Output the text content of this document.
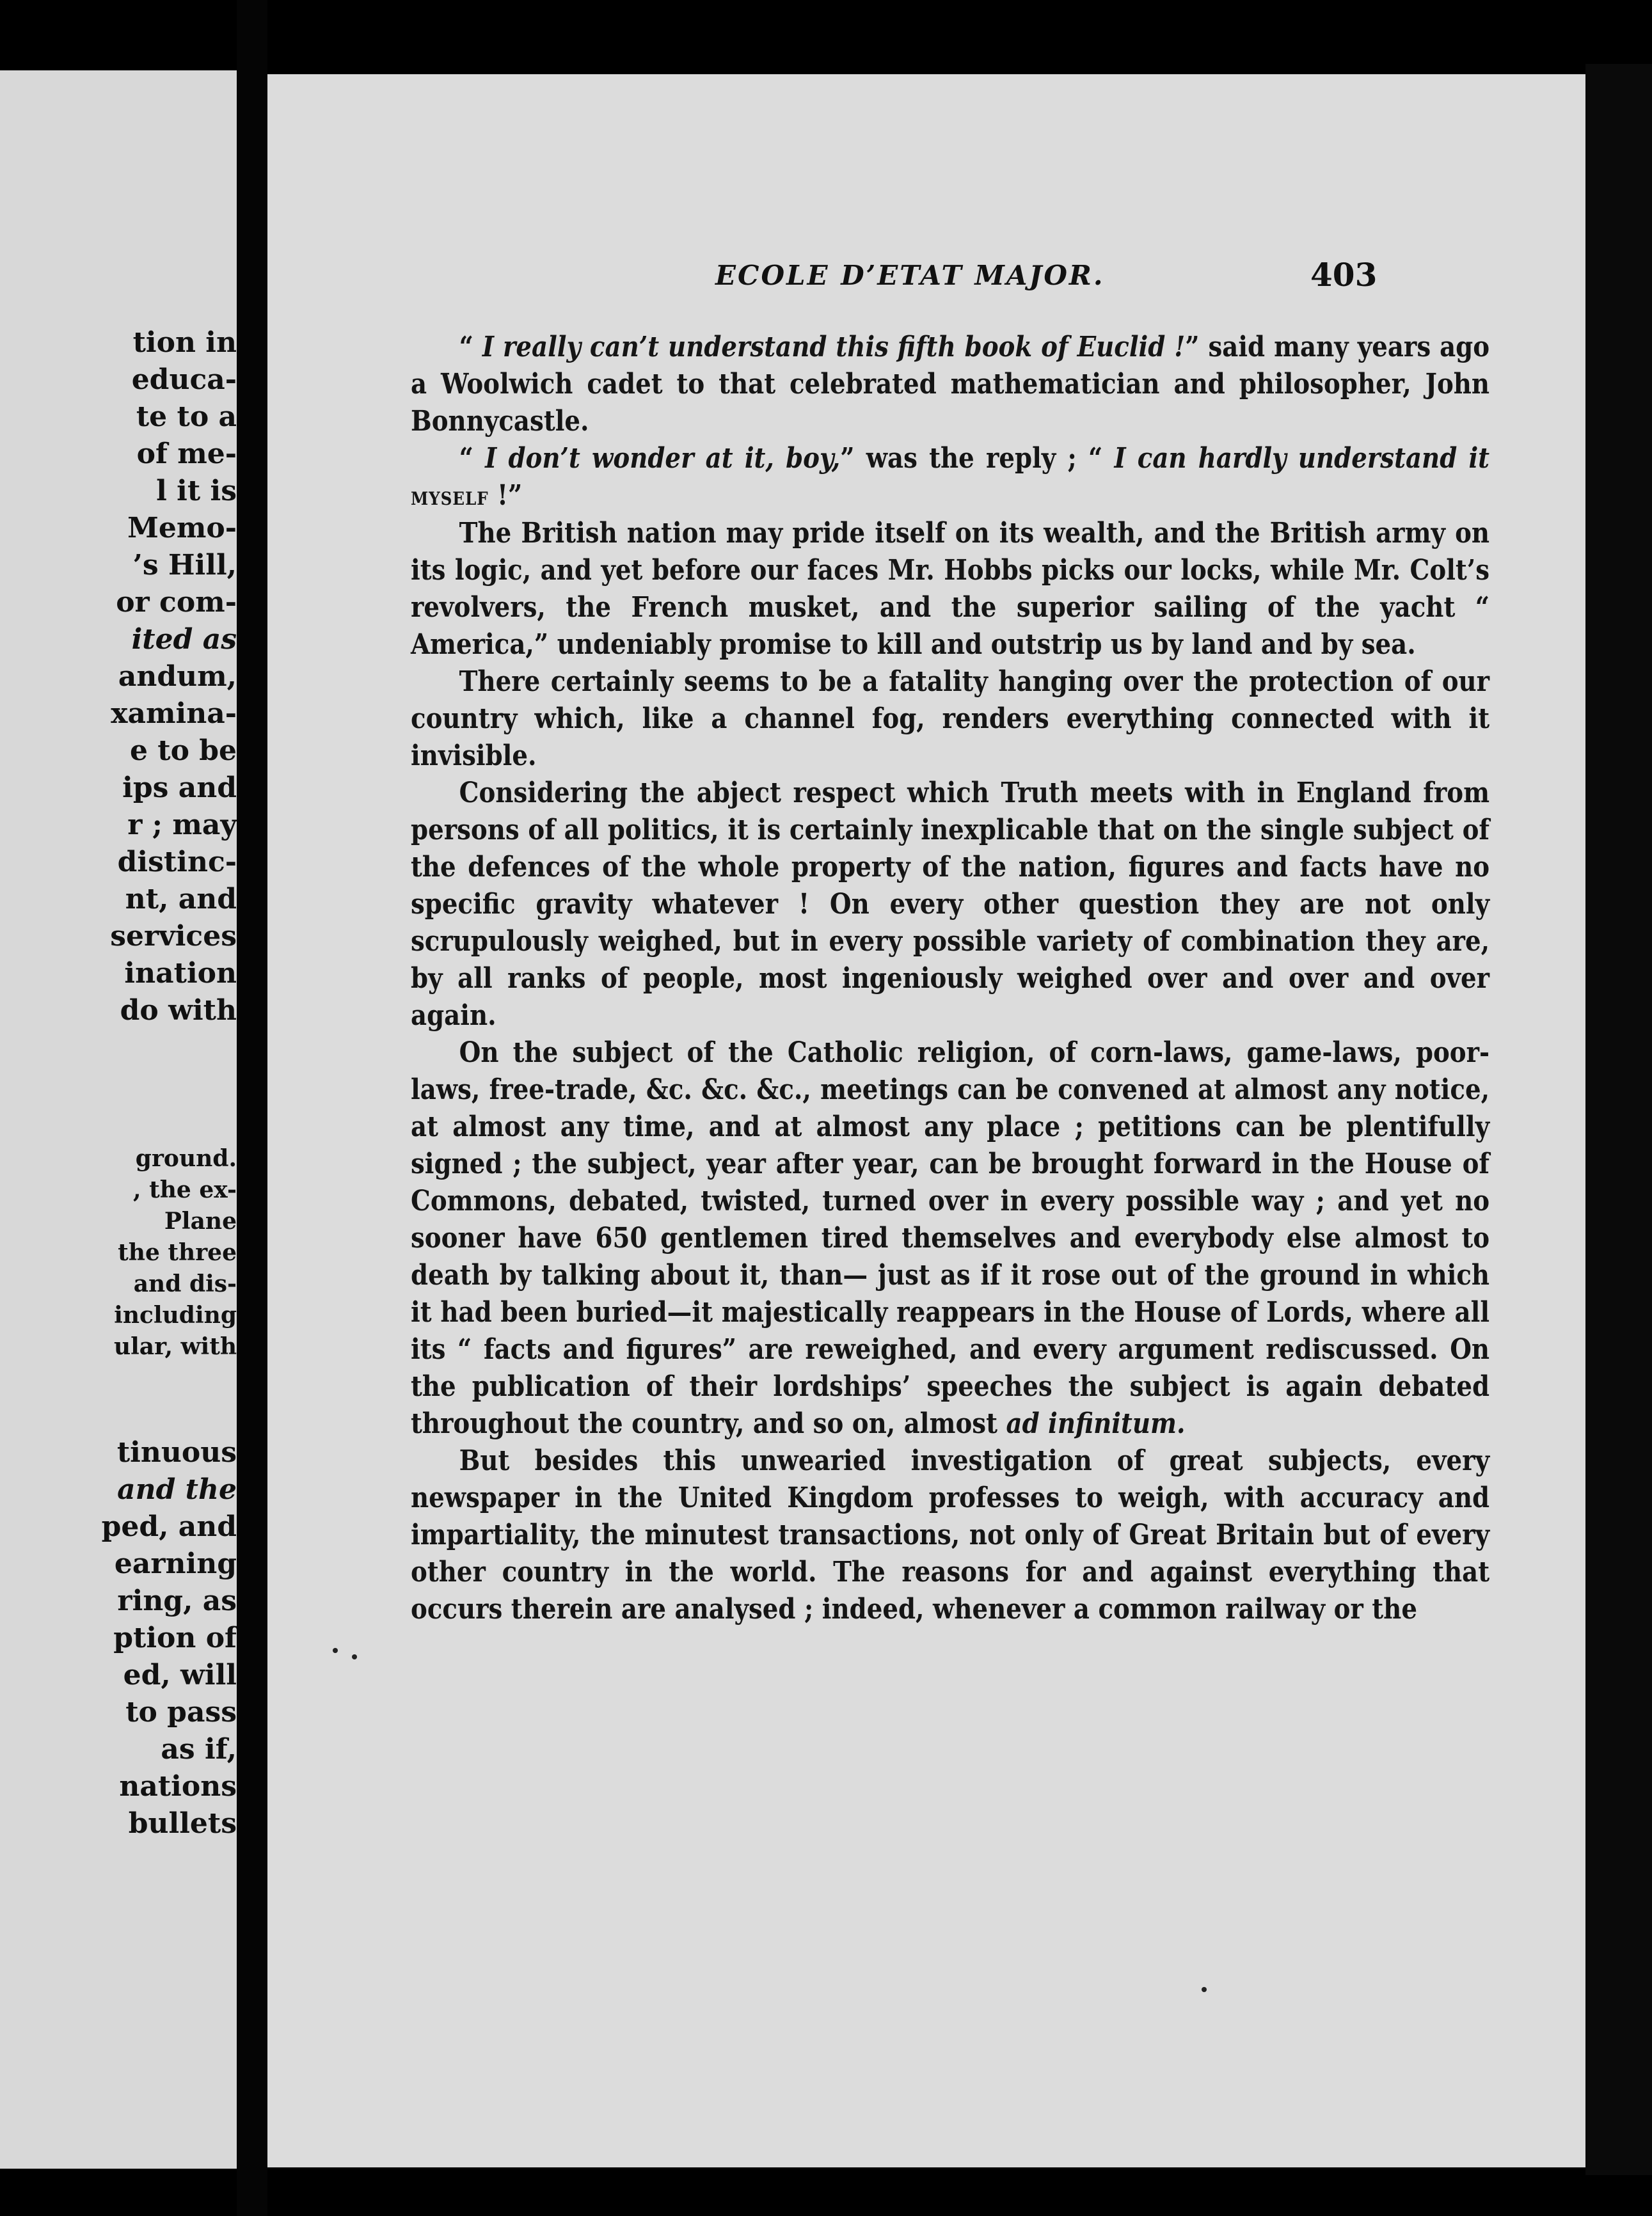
tion in
educa-
te to a
of me-
l it is
Memo-
’s Hill,
or com-
ited as
andum,
xamina-
e to be
ips and
r ; may
distinc-
nt, and
services
ination
do with
ground.
, the ex-
Plane
the three
and dis-
including
ular, with
tinuous
and the
ped, and
earning
ring, as
ption of
ed, will
to pass
as if,
nations
bullets
ECOLE D’ETAT MAJOR.	403

“ I really can’t understand this fifth book of Euclid !” said many years ago a Woolwich cadet to that celebrated mathematician and philosopher, John Bonnycastle.

“ I don’t wonder at it, boy,” was the reply ; “ I can hardly understand it myself !”

The British nation may pride itself on its wealth, and the British army on its logic, and yet before our faces Mr. Hobbs picks our locks, while Mr. Colt’s revolvers, the French musket, and the superior sailing of the yacht “ America,” undeniably promise to kill and outstrip us by land and by sea.

There certainly seems to be a fatality hanging over the protection of our country which, like a channel fog, renders everything connected with it invisible.

Considering the abject respect which Truth meets with in England from persons of all politics, it is certainly inexplicable that on the single subject of the defences of the whole property of the nation, figures and facts have no specific gravity whatever ! On every other question they are not only scrupulously weighed, but in every possible variety of combination they are, by all ranks of people, most ingeniously weighed over and over and over again.

On the subject of the Catholic religion, of corn-laws, game-laws, poor-laws, free-trade, &c. &c. &c., meetings can be convened at almost any notice, at almost any time, and at almost any place ; petitions can be plentifully signed ; the subject, year after year, can be brought forward in the House of Commons, debated, twisted, turned over in every possible way ; and yet no sooner have 650 gentlemen tired themselves and everybody else almost to death by talking about it, than— just as if it rose out of the ground in which it had been buried—it majestically reappears in the House of Lords, where all its “ facts and figures” are reweighed, and every argument rediscussed. On the publication of their lordships’ speeches the subject is again debated throughout the country, and so on, almost ad infinitum.

But besides this unwearied investigation of great subjects, every newspaper in the United Kingdom professes to weigh, with accuracy and impartiality, the minutest transactions, not only of Great Britain but of every other country in the world. The reasons for and against everything that occurs therein are analysed ; indeed, whenever a common railway or the
